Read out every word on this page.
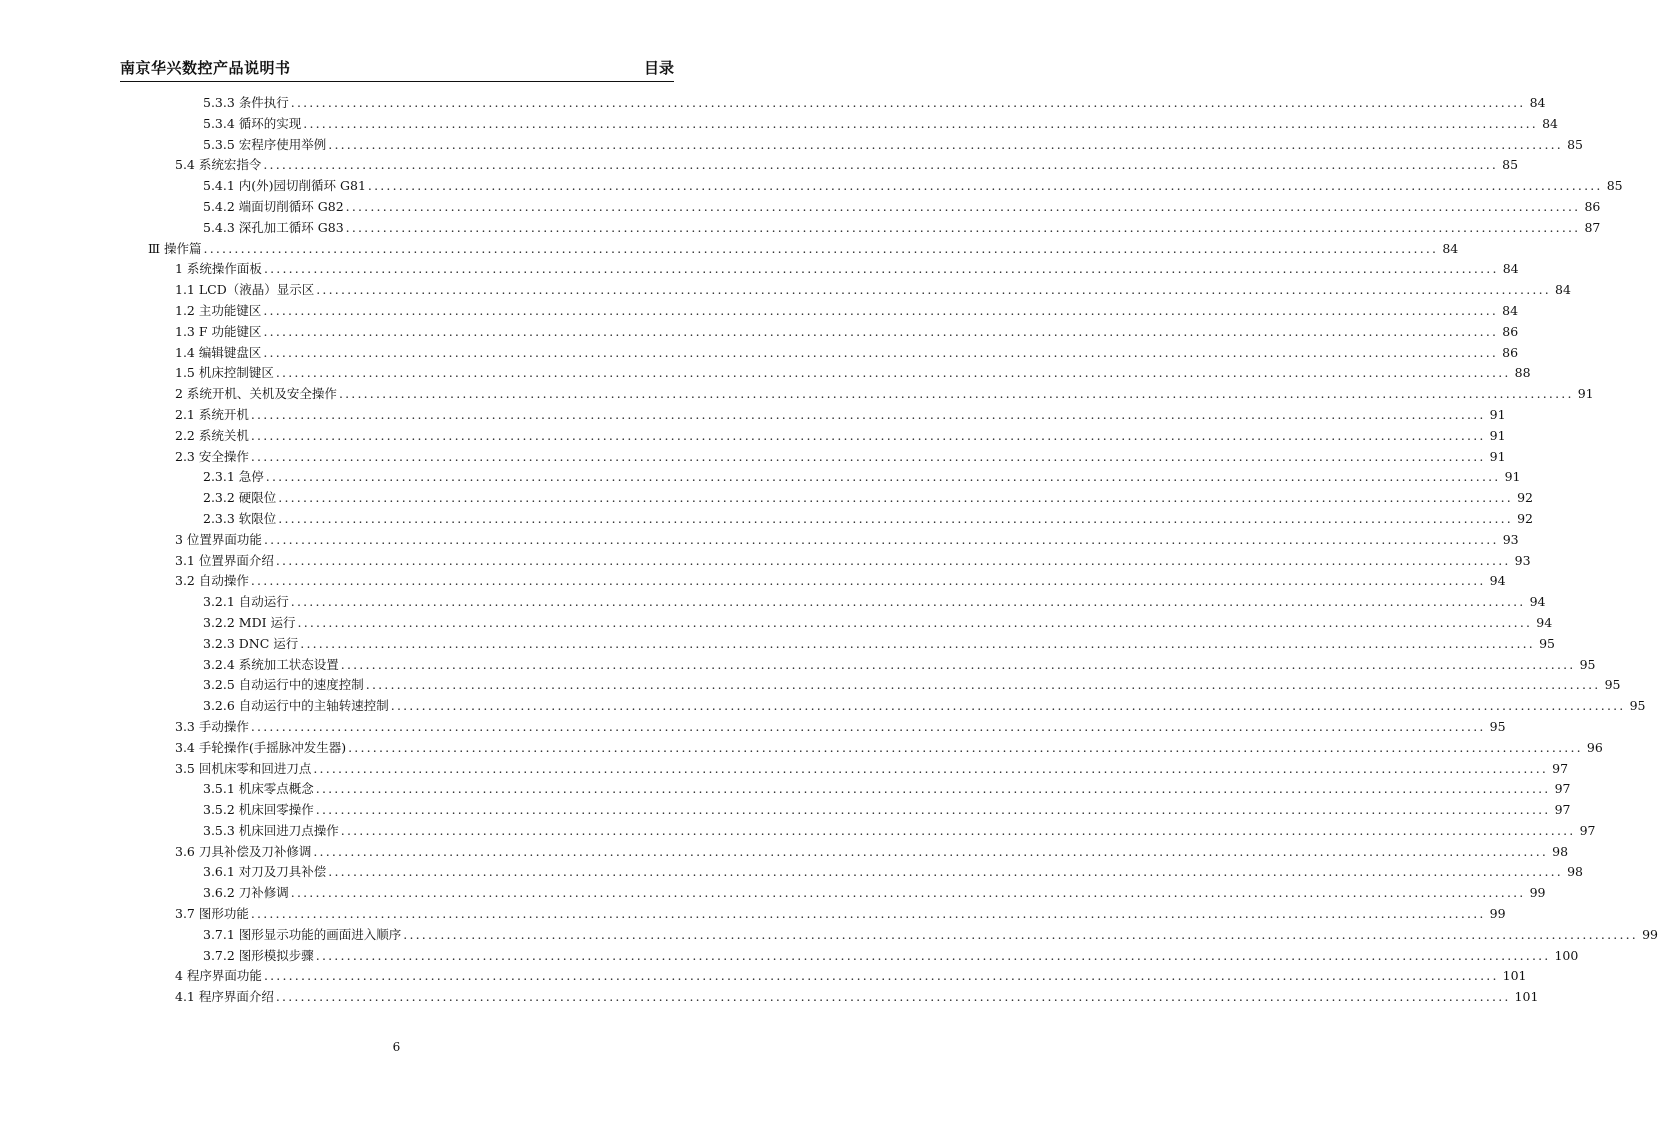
南京华兴数控产品说明书	目录
5.3.3 条件执行 ........................................................................................................................................................................................................ 84
5.3.4 循环的实现 ........................................................................................................................................................................................................ 84
5.3.5 宏程序使用举例 ........................................................................................................................................................................................................ 85
5.4 系统宏指令 ........................................................................................................................................................................................................ 85
5.4.1 内(外)园切削循环 G81 ........................................................................................................................................................................................................ 85
5.4.2 端面切削循环 G82 ........................................................................................................................................................................................................ 86
5.4.3 深孔加工循环 G83 ........................................................................................................................................................................................................ 87
Ⅲ 操作篇 ........................................................................................................................................................................................................ 84
1 系统操作面板 ........................................................................................................................................................................................................ 84
1.1 LCD（液晶）显示区 ........................................................................................................................................................................................................ 84
1.2 主功能键区 ........................................................................................................................................................................................................ 84
1.3 F 功能键区 ........................................................................................................................................................................................................ 86
1.4 编辑键盘区 ........................................................................................................................................................................................................ 86
1.5 机床控制键区 ........................................................................................................................................................................................................ 88
2 系统开机、关机及安全操作 ........................................................................................................................................................................................................ 91
2.1 系统开机 ........................................................................................................................................................................................................ 91
2.2 系统关机 ........................................................................................................................................................................................................ 91
2.3 安全操作 ........................................................................................................................................................................................................ 91
2.3.1 急停 ........................................................................................................................................................................................................ 91
2.3.2 硬限位 ........................................................................................................................................................................................................ 92
2.3.3 软限位 ........................................................................................................................................................................................................ 92
3 位置界面功能 ........................................................................................................................................................................................................ 93
3.1 位置界面介绍 ........................................................................................................................................................................................................ 93
3.2 自动操作 ........................................................................................................................................................................................................ 94
3.2.1 自动运行 ........................................................................................................................................................................................................ 94
3.2.2 MDI 运行 ........................................................................................................................................................................................................ 94
3.2.3 DNC 运行 ........................................................................................................................................................................................................ 95
3.2.4 系统加工状态设置 ........................................................................................................................................................................................................ 95
3.2.5 自动运行中的速度控制 ........................................................................................................................................................................................................ 95
3.2.6 自动运行中的主轴转速控制 ........................................................................................................................................................................................................ 95
3.3 手动操作 ........................................................................................................................................................................................................ 95
3.4 手轮操作(手摇脉冲发生器) ........................................................................................................................................................................................................ 96
3.5 回机床零和回进刀点 ........................................................................................................................................................................................................ 97
3.5.1 机床零点概念 ........................................................................................................................................................................................................ 97
3.5.2 机床回零操作 ........................................................................................................................................................................................................ 97
3.5.3 机床回进刀点操作 ........................................................................................................................................................................................................ 97
3.6 刀具补偿及刀补修调 ........................................................................................................................................................................................................ 98
3.6.1 对刀及刀具补偿 ........................................................................................................................................................................................................ 98
3.6.2 刀补修调 ........................................................................................................................................................................................................ 99
3.7 图形功能 ........................................................................................................................................................................................................ 99
3.7.1 图形显示功能的画面进入顺序 ........................................................................................................................................................................................................ 99
3.7.2 图形模拟步骤 ........................................................................................................................................................................................................ 100
4 程序界面功能 ........................................................................................................................................................................................................ 101
4.1 程序界面介绍 ........................................................................................................................................................................................................ 101
6
